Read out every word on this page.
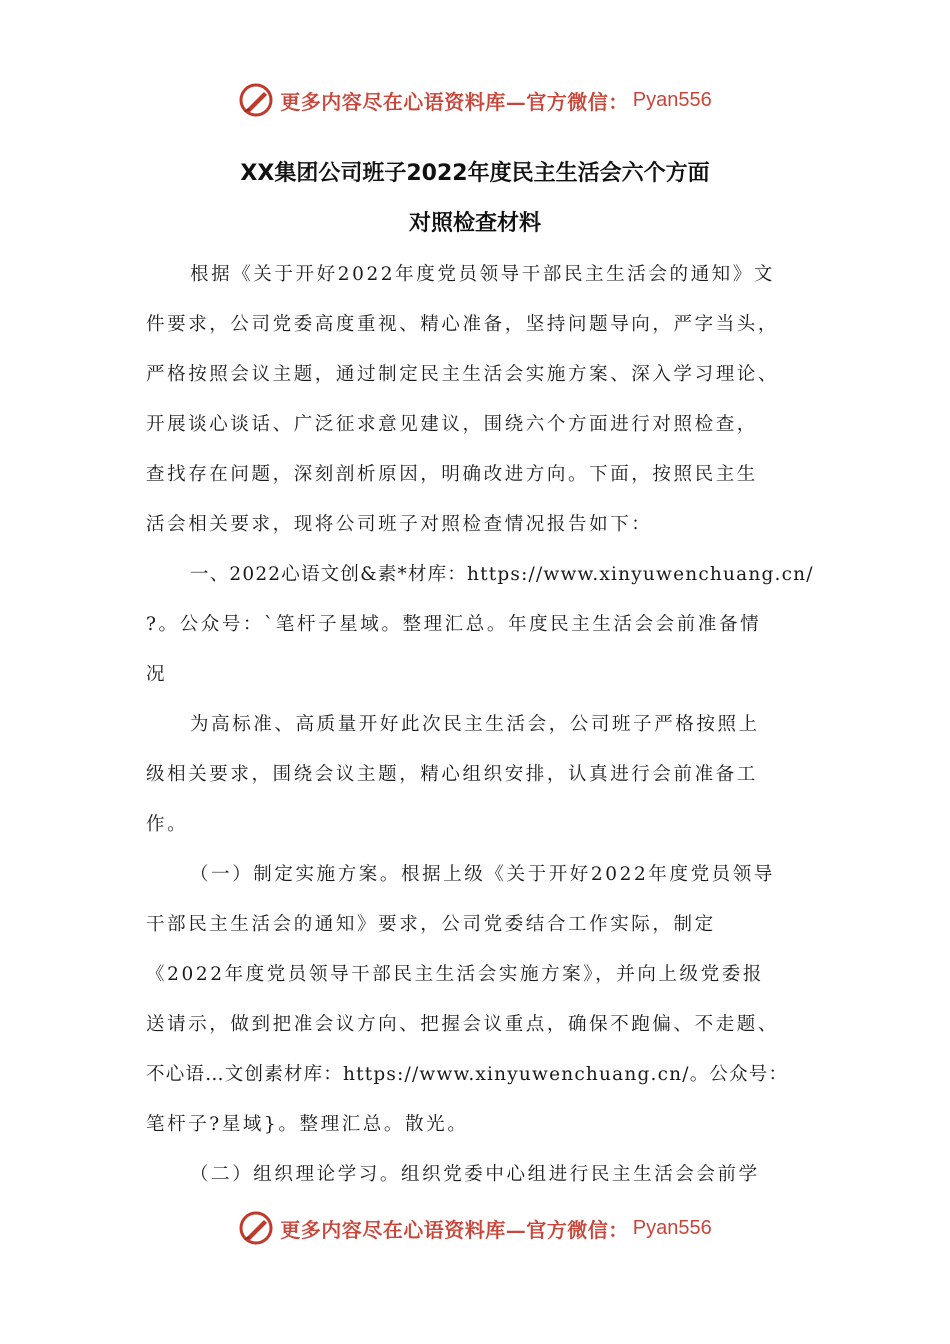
更多内容尽在心语资料库—官方微信： Pyan556
XX集团公司班子2022年度民主生活会六个方面
对照检查材料
根据《关于开好2022年度党员领导干部民主生活会的通知》文
件要求，公司党委高度重视、精心准备，坚持问题导向，严字当头，
严格按照会议主题，通过制定民主生活会实施方案、深入学习理论、
开展谈心谈话、广泛征求意见建议，围绕六个方面进行对照检查，
查找存在问题，深刻剖析原因，明确改进方向。下面，按照民主生
活会相关要求，现将公司班子对照检查情况报告如下：
一、2022心语文创&素*材库：https://www.xinyuwenchuang.cn/
?。公众号：`笔杆子星域。整理汇总。年度民主生活会会前准备情
况
为高标准、高质量开好此次民主生活会，公司班子严格按照上
级相关要求，围绕会议主题，精心组织安排，认真进行会前准备工
作。
（一）制定实施方案。根据上级《关于开好2022年度党员领导
干部民主生活会的通知》要求，公司党委结合工作实际，制定
《2022年度党员领导干部民主生活会实施方案》，并向上级党委报
送请示，做到把准会议方向、把握会议重点，确保不跑偏、不走题、
不心语…文创素材库：https://www.xinyuwenchuang.cn/。公众号：
笔杆子?星域}。整理汇总。散光。
（二）组织理论学习。组织党委中心组进行民主生活会会前学
更多内容尽在心语资料库—官方微信： Pyan556
